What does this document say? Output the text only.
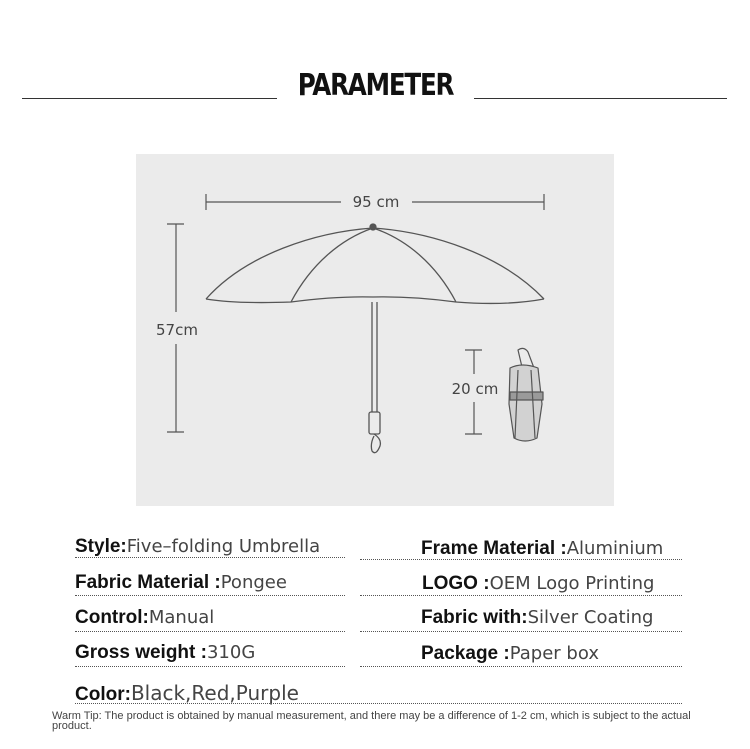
PARAMETER
95 cm
57cm
20 cm
Style:Five–folding Umbrella	Frame Material :Aluminium
Fabric Material :Pongee	LOGO :OEM Logo Printing
Control:Manual	Fabric with:Silver Coating
Gross weight :310G	Package :Paper box
Color:Black,Red,Purple
Warm Tip: The product is obtained by manual measurement, and there may be a difference of 1-2 cm, which is subject to the actual product.
